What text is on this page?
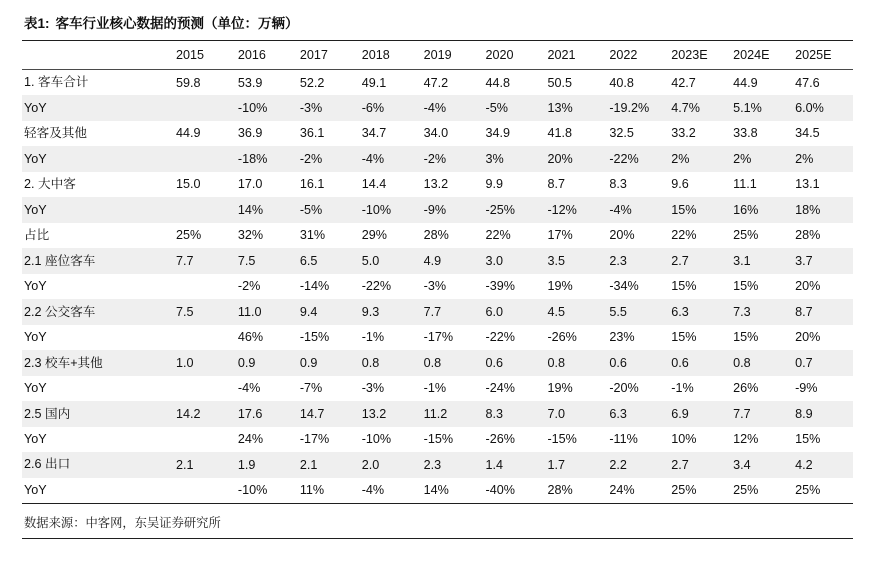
表1: 客车行业核心数据的预测（单位：万辆）
	2015	2016	2017	2018	2019	2020	2021	2022	2023E	2024E	2025E
1. 客车合计	59.8	53.9	52.2	49.1	47.2	44.8	50.5	40.8	42.7	44.9	47.6
YoY		-10%	-3%	-6%	-4%	-5%	13%	-19.2%	4.7%	5.1%	6.0%
轻客及其他	44.9	36.9	36.1	34.7	34.0	34.9	41.8	32.5	33.2	33.8	34.5
YoY		-18%	-2%	-4%	-2%	3%	20%	-22%	2%	2%	2%
2. 大中客	15.0	17.0	16.1	14.4	13.2	9.9	8.7	8.3	9.6	11.1	13.1
YoY		14%	-5%	-10%	-9%	-25%	-12%	-4%	15%	16%	18%
占比	25%	32%	31%	29%	28%	22%	17%	20%	22%	25%	28%
2.1 座位客车	7.7	7.5	6.5	5.0	4.9	3.0	3.5	2.3	2.7	3.1	3.7
YoY		-2%	-14%	-22%	-3%	-39%	19%	-34%	15%	15%	20%
2.2 公交客车	7.5	11.0	9.4	9.3	7.7	6.0	4.5	5.5	6.3	7.3	8.7
YoY		46%	-15%	-1%	-17%	-22%	-26%	23%	15%	15%	20%
2.3 校车+其他	1.0	0.9	0.9	0.8	0.8	0.6	0.8	0.6	0.6	0.8	0.7
YoY		-4%	-7%	-3%	-1%	-24%	19%	-20%	-1%	26%	-9%
2.5 国内	14.2	17.6	14.7	13.2	11.2	8.3	7.0	6.3	6.9	7.7	8.9
YoY		24%	-17%	-10%	-15%	-26%	-15%	-11%	10%	12%	15%
2.6 出口	2.1	1.9	2.1	2.0	2.3	1.4	1.7	2.2	2.7	3.4	4.2
YoY		-10%	11%	-4%	14%	-40%	28%	24%	25%	25%	25%
数据来源：中客网，东吴证券研究所
